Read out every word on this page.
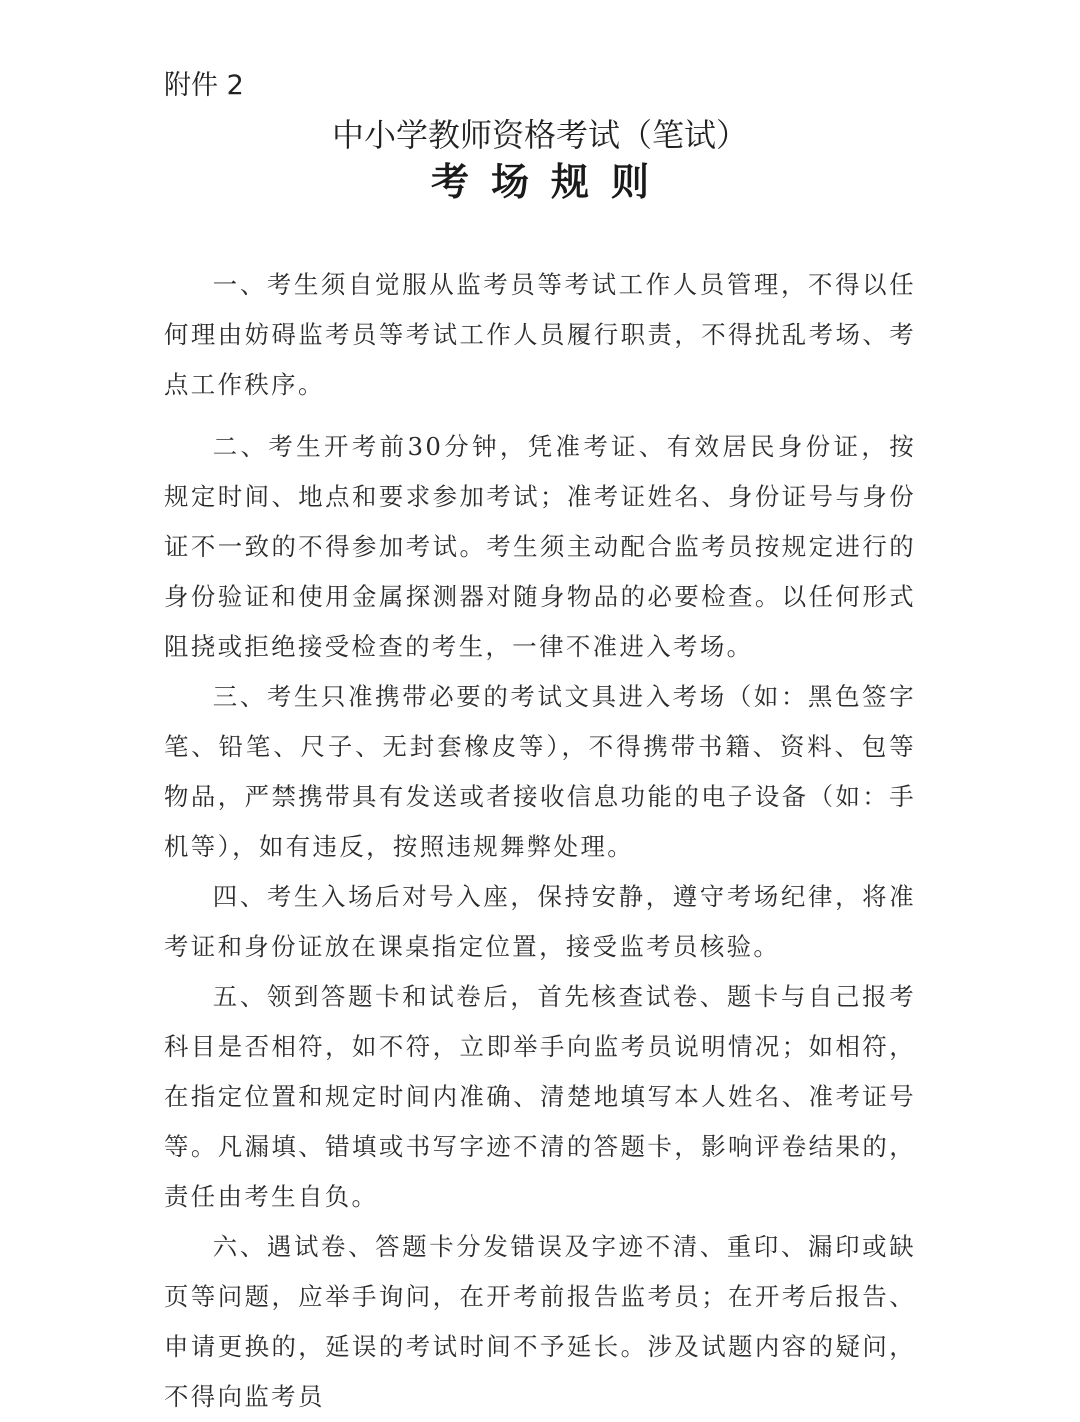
附件 2
中小学教师资格考试（笔试）
考场规则

一、考生须自觉服从监考员等考试工作人员管理，不得以任何理由妨碍监考员等考试工作人员履行职责，不得扰乱考场、考点工作秩序。

二、考生开考前30分钟，凭准考证、有效居民身份证，按规定时间、地点和要求参加考试；准考证姓名、身份证号与身份证不一致的不得参加考试。考生须主动配合监考员按规定进行的身份验证和使用金属探测器对随身物品的必要检查。以任何形式阻挠或拒绝接受检查的考生，一律不准进入考场。

三、考生只准携带必要的考试文具进入考场（如：黑色签字笔、铅笔、尺子、无封套橡皮等），不得携带书籍、资料、包等物品，严禁携带具有发送或者接收信息功能的电子设备（如：手机等），如有违反，按照违规舞弊处理。

四、考生入场后对号入座，保持安静，遵守考场纪律，将准考证和身份证放在课桌指定位置，接受监考员核验。

五、领到答题卡和试卷后，首先核查试卷、题卡与自己报考科目是否相符，如不符，立即举手向监考员说明情况；如相符，在指定位置和规定时间内准确、清楚地填写本人姓名、准考证号等。凡漏填、错填或书写字迹不清的答题卡，影响评卷结果的，责任由考生自负。

六、遇试卷、答题卡分发错误及字迹不清、重印、漏印或缺页等问题，应举手询问，在开考前报告监考员；在开考后报告、申请更换的，延误的考试时间不予延长。涉及试题内容的疑问，不得向监考员
